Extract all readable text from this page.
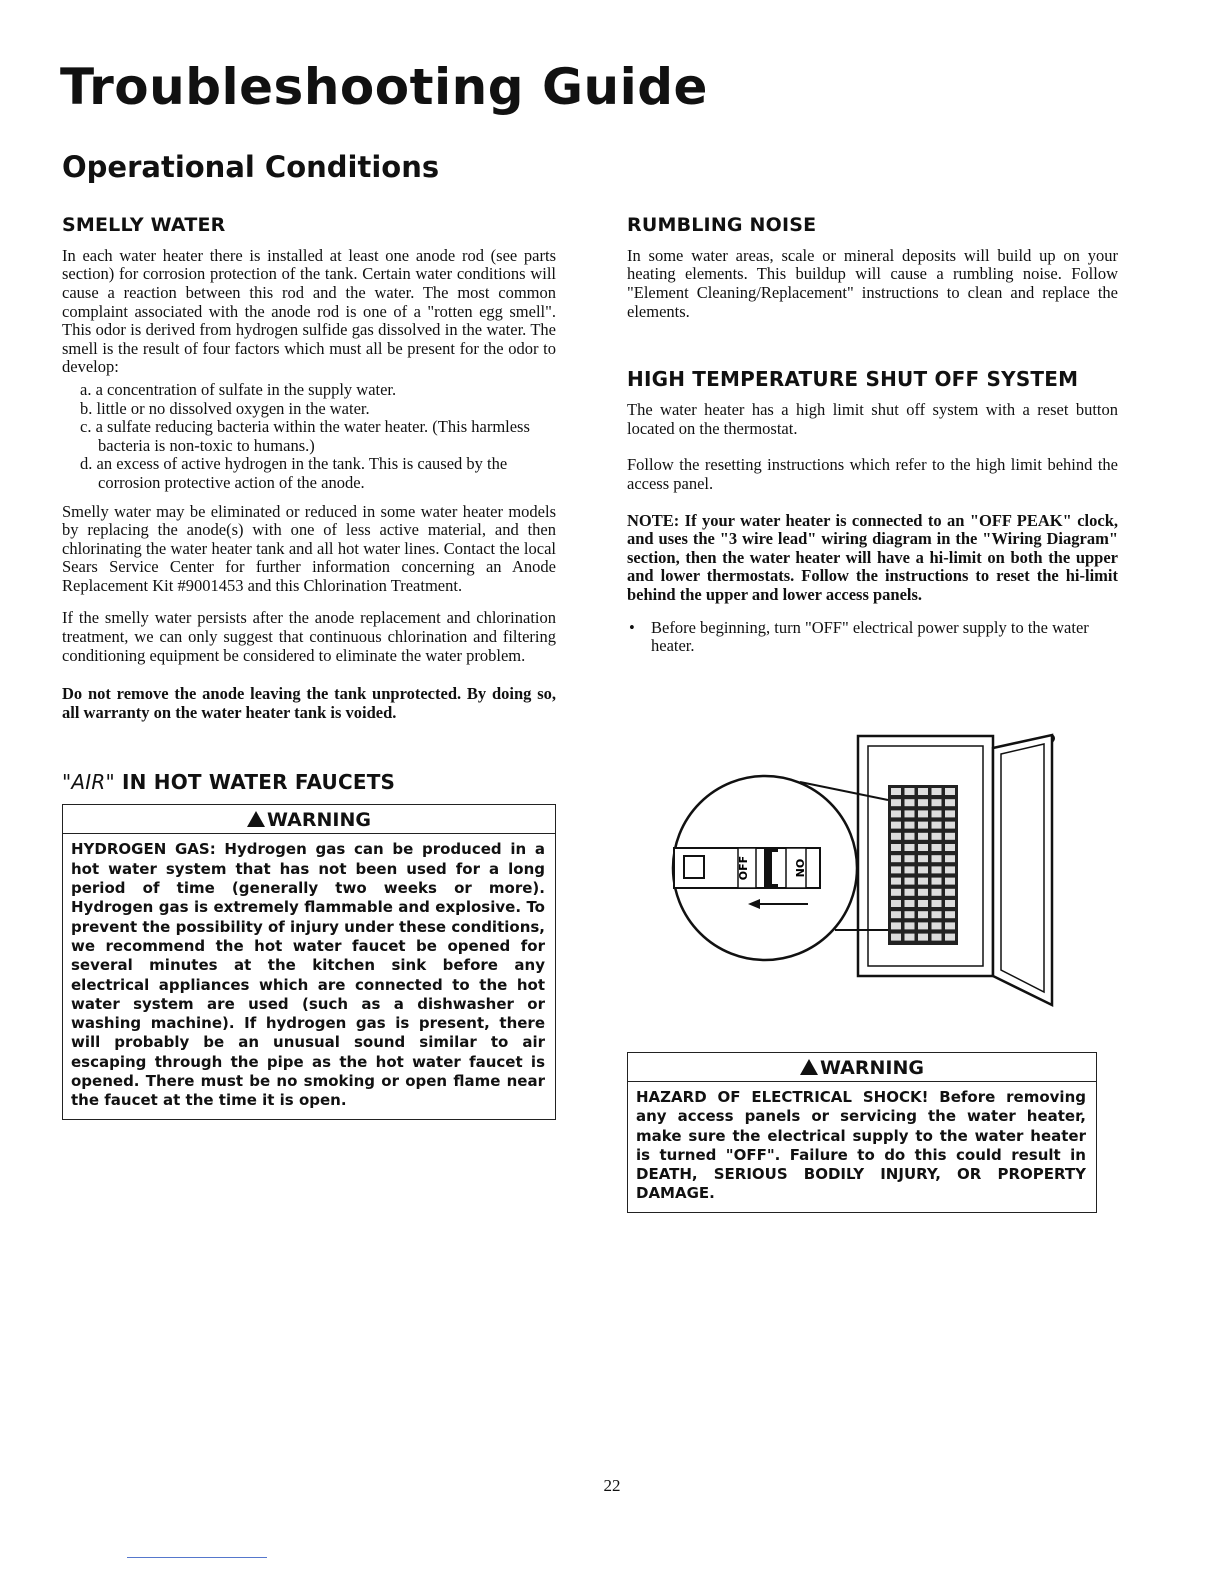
Troubleshooting Guide
Operational Conditions
SMELLY WATER

In each water heater there is installed at least one anode rod (see parts section) for corrosion protection of the tank. Certain water conditions will cause a reaction between this rod and the water. The most common complaint associated with the anode rod is one of a "rotten egg smell". This odor is derived from hydrogen sulfide gas dissolved in the water. The smell is the result of four factors which must all be present for the odor to develop:

a. a concentration of sulfate in the supply water.
b. little or no dissolved oxygen in the water.
c. a sulfate reducing bacteria within the water heater. (This harmless bacteria is non-toxic to humans.)
d. an excess of active hydrogen in the tank. This is caused by the corrosion protective action of the anode.

Smelly water may be eliminated or reduced in some water heater models by replacing the anode(s) with one of less active material, and then chlorinating the water heater tank and all hot water lines. Contact the local Sears Service Center for further information concerning an Anode Replacement Kit #9001453 and this Chlorination Treatment.

If the smelly water persists after the anode replacement and chlorination treatment, we can only suggest that continuous chlorination and filtering conditioning equipment be considered to eliminate the water problem.

Do not remove the anode leaving the tank unprotected. By doing so, all warranty on the water heater tank is voided.

"AIR" IN HOT WATER FAUCETS
WARNING

HYDROGEN GAS: Hydrogen gas can be produced in a hot water system that has not been used for a long period of time (generally two weeks or more). Hydrogen gas is extremely flammable and explosive. To prevent the possibility of injury under these conditions, we recommend the hot water faucet be opened for several minutes at the kitchen sink before any electrical appliances which are connected to the hot water system are used (such as a dishwasher or washing machine). If hydrogen gas is present, there will probably be an unusual sound similar to air escaping through the pipe as the hot water faucet is opened. There must be no smoking or open flame near the faucet at the time it is open.

RUMBLING NOISE

In some water areas, scale or mineral deposits will build up on your heating elements. This buildup will cause a rumbling noise. Follow "Element Cleaning/Replacement" instructions to clean and replace the elements.

HIGH TEMPERATURE SHUT OFF SYSTEM

The water heater has a high limit shut off system with a reset button located on the thermostat.

Follow the resetting instructions which refer to the high limit behind the access panel.

NOTE: If your water heater is connected to an "OFF PEAK" clock, and uses the "3 wire lead" wiring diagram in the "Wiring Diagram" section, then the water heater will have a hi-limit on both the upper and lower thermostats. Follow the instructions to reset the hi-limit behind the upper and lower access panels.

• Before beginning, turn "OFF" electrical power supply to the water heater.
OFF	ON
WARNING

HAZARD OF ELECTRICAL SHOCK! Before removing any access panels or servicing the water heater, make sure the electrical supply to the water heater is turned "OFF". Failure to do this could result in DEATH, SERIOUS BODILY INJURY, OR PROPERTY DAMAGE.

22
